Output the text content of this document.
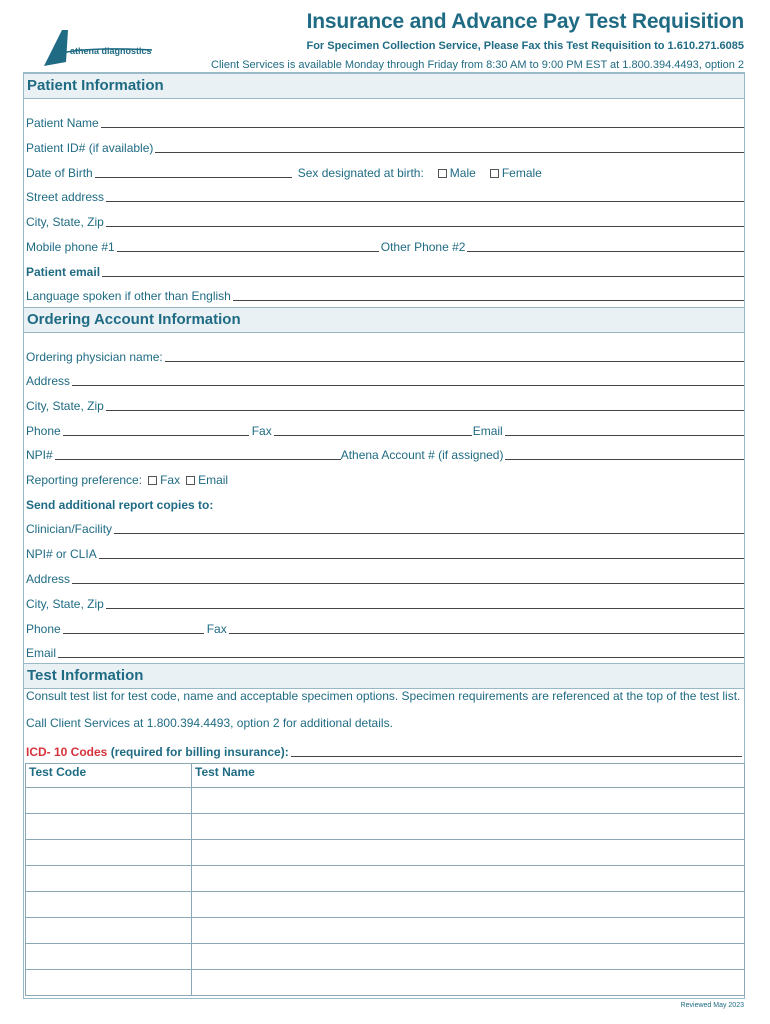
athena diagnostics
Insurance and Advance Pay Test Requisition
For Specimen Collection Service, Please Fax this Test Requisition to 1.610.271.6085
Client Services is available Monday through Friday from 8:30 AM to 9:00 PM EST at 1.800.394.4493, option 2
Patient Information
Patient Name
Patient ID# (if available)
Date of Birth	Sex designated at birth:	Male	Female
Street address
City, State, Zip
Mobile phone #1	Other Phone #2
Patient email
Language spoken if other than English
Ordering Account Information
Ordering physician name:
Address
City, State, Zip
Phone	Fax	Email
NPI#	Athena Account # (if assigned)
Reporting preference:	Fax	Email
Send additional report copies to:
Clinician/Facility
NPI# or CLIA
Address
City, State, Zip
Phone	Fax
Email
Test Information
Consult test list for test code, name and acceptable specimen options. Specimen requirements are referenced at the top of the test list.
Call Client Services at 1.800.394.4493, option 2 for additional details.
ICD- 10 Codes (required for billing insurance):
Test Code	Test Name

Reviewed May 2023
